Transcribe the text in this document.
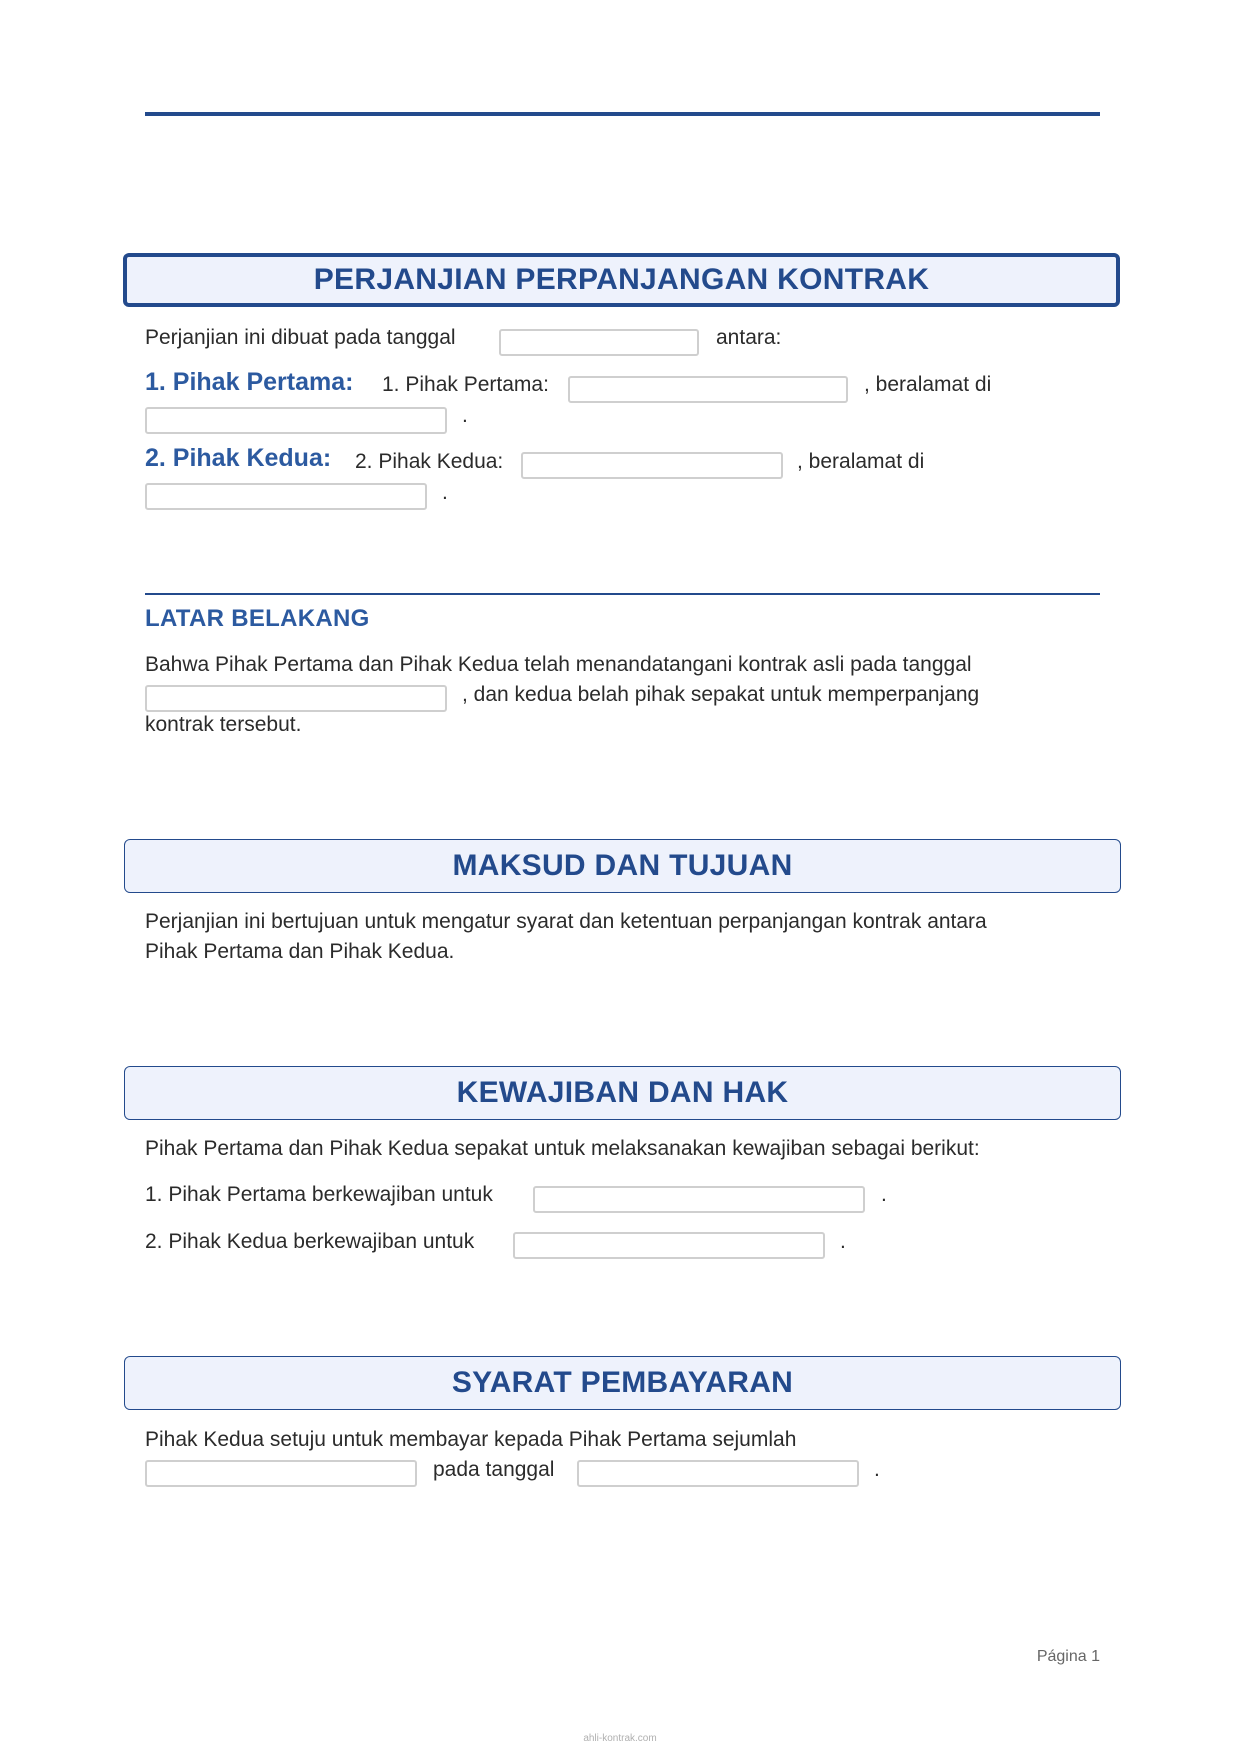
PERJANJIAN PERPANJANGAN KONTRAK
Perjanjian ini dibuat pada tanggal	antara:
1. Pihak Pertama: 1. Pihak Pertama:	, beralamat di
.
2. Pihak Kedua: 2. Pihak Kedua:	, beralamat di
.
LATAR BELAKANG
Bahwa Pihak Pertama dan Pihak Kedua telah menandatangani kontrak asli pada tanggal
, dan kedua belah pihak sepakat untuk memperpanjang
kontrak tersebut.
MAKSUD DAN TUJUAN
Perjanjian ini bertujuan untuk mengatur syarat dan ketentuan perpanjangan kontrak antara
Pihak Pertama dan Pihak Kedua.
KEWAJIBAN DAN HAK
Pihak Pertama dan Pihak Kedua sepakat untuk melaksanakan kewajiban sebagai berikut:
1. Pihak Pertama berkewajiban untuk	.
2. Pihak Kedua berkewajiban untuk	.
SYARAT PEMBAYARAN
Pihak Kedua setuju untuk membayar kepada Pihak Pertama sejumlah
pada tanggal	.
Página 1
ahli-kontrak.com
